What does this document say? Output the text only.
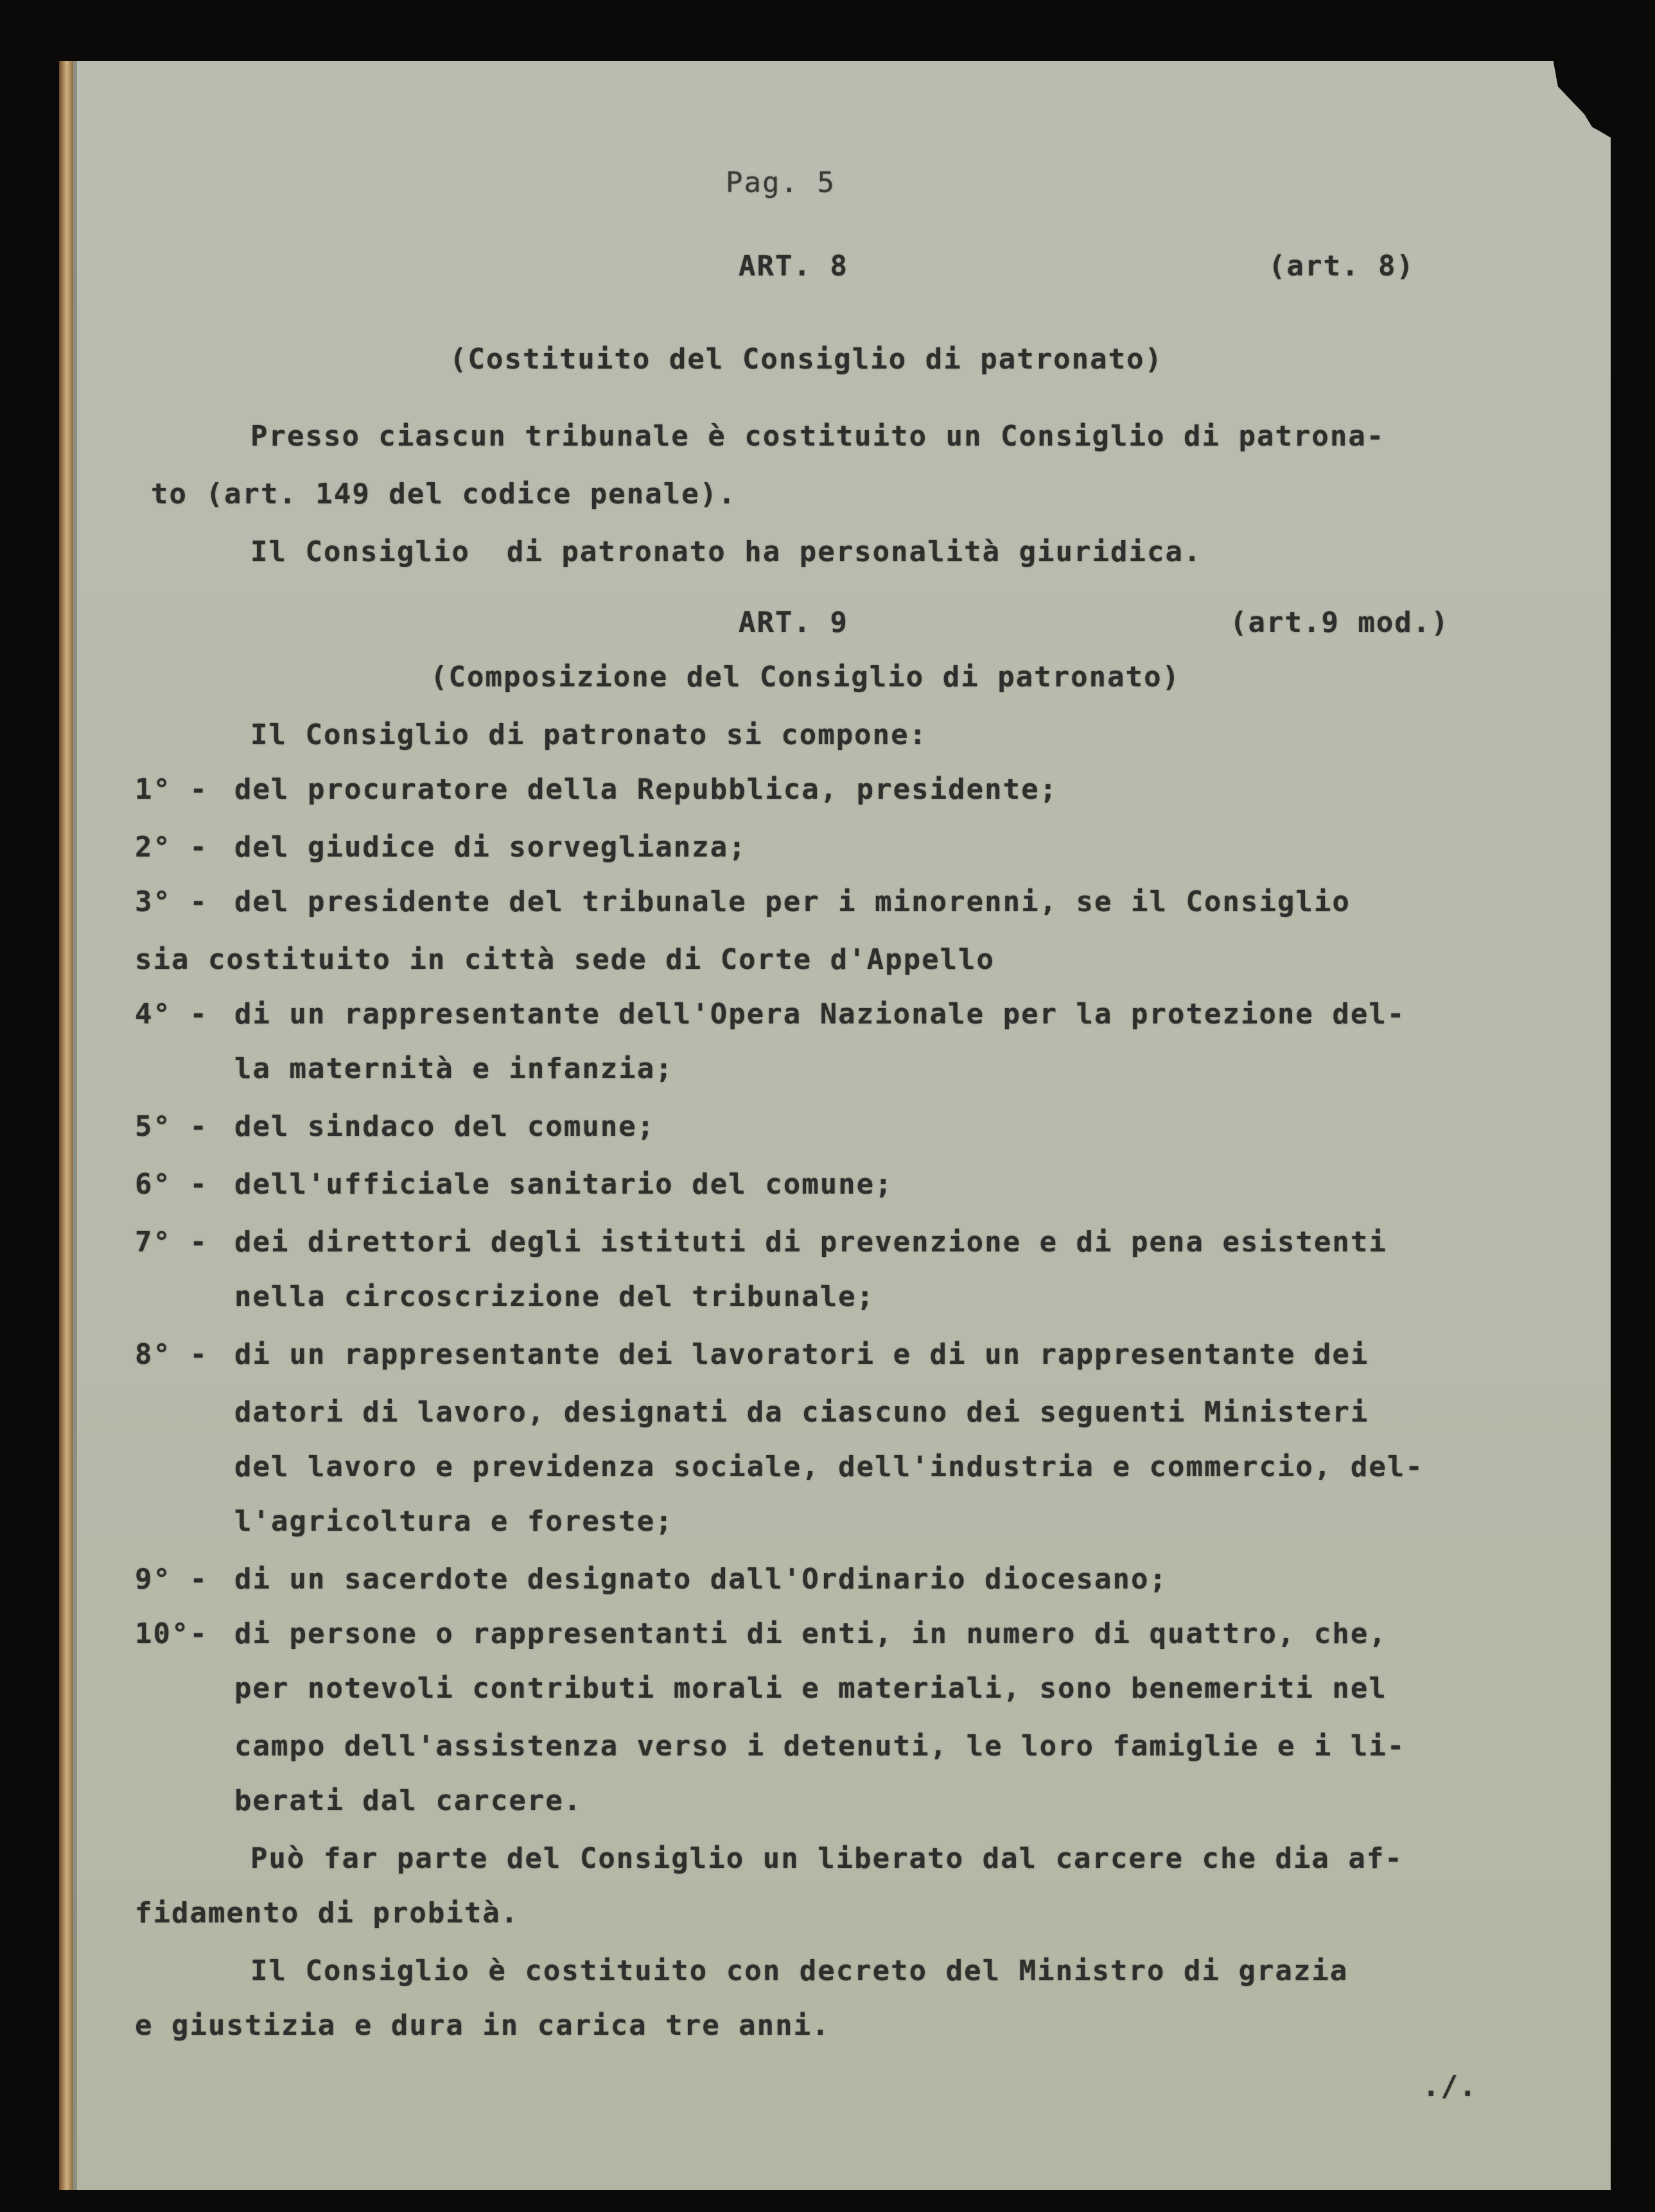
Pag. 5
ART. 8	(art. 8)
(Costituito del Consiglio di patronato)
Presso ciascun tribunale è costituito un Consiglio di patrona-
to (art. 149 del codice penale).
Il Consiglio  di patronato ha personalità giuridica.
ART. 9	(art.9 mod.)
(Composizione del Consiglio di patronato)
Il Consiglio di patronato si compone:
1° - del procuratore della Repubblica, presidente;
2° - del giudice di sorveglianza;
3° - del presidente del tribunale per i minorenni, se il Consiglio
sia costituito in città sede di Corte d'Appello
4° - di un rappresentante dell'Opera Nazionale per la protezione del-
la maternità e infanzia;
5° - del sindaco del comune;
6° - dell'ufficiale sanitario del comune;
7° - dei direttori degli istituti di prevenzione e di pena esistenti
nella circoscrizione del tribunale;
8° - di un rappresentante dei lavoratori e di un rappresentante dei
datori di lavoro, designati da ciascuno dei seguenti Ministeri
del lavoro e previdenza sociale, dell'industria e commercio, del-
l'agricoltura e foreste;
9° - di un sacerdote designato dall'Ordinario diocesano;
10°- di persone o rappresentanti di enti, in numero di quattro, che,
per notevoli contributi morali e materiali, sono benemeriti nel
campo dell'assistenza verso i detenuti, le loro famiglie e i li-
berati dal carcere.
Può far parte del Consiglio un liberato dal carcere che dia af-
fidamento di probità.
Il Consiglio è costituito con decreto del Ministro di grazia
e giustizia e dura in carica tre anni.
./.
